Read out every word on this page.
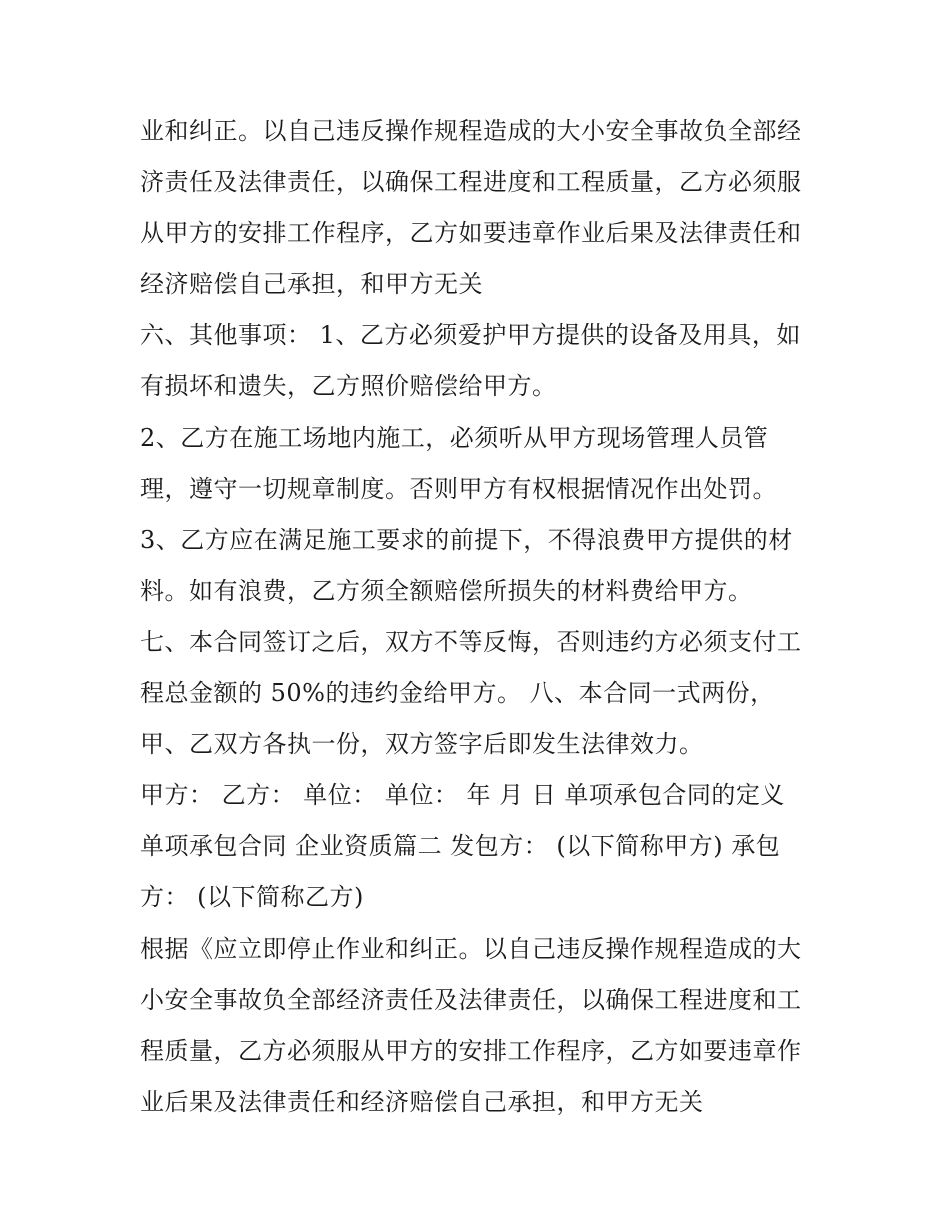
业和纠正。以自己违反操作规程造成的大小安全事故负全部经
济责任及法律责任，以确保工程进度和工程质量，乙方必须服
从甲方的安排工作程序，乙方如要违章作业后果及法律责任和
经济赔偿自己承担，和甲方无关
六、其他事项： 1、乙方必须爱护甲方提供的设备及用具，如
有损坏和遗失，乙方照价赔偿给甲方。
2、乙方在施工场地内施工，必须听从甲方现场管理人员管
理，遵守一切规章制度。否则甲方有权根据情况作出处罚。
3、乙方应在满足施工要求的前提下，不得浪费甲方提供的材
料。如有浪费，乙方须全额赔偿所损失的材料费给甲方。
七、本合同签订之后，双方不等反悔，否则违约方必须支付工
程总金额的 50%的违约金给甲方。 八、本合同一式两份，
甲、乙双方各执一份，双方签字后即发生法律效力。
甲方： 乙方： 单位： 单位： 年 月 日 单项承包合同的定义
单项承包合同 企业资质篇二 发包方： (以下简称甲方) 承包
方： (以下简称乙方)
根据《应立即停止作业和纠正。以自己违反操作规程造成的大
小安全事故负全部经济责任及法律责任，以确保工程进度和工
程质量，乙方必须服从甲方的安排工作程序，乙方如要违章作
业后果及法律责任和经济赔偿自己承担，和甲方无关
